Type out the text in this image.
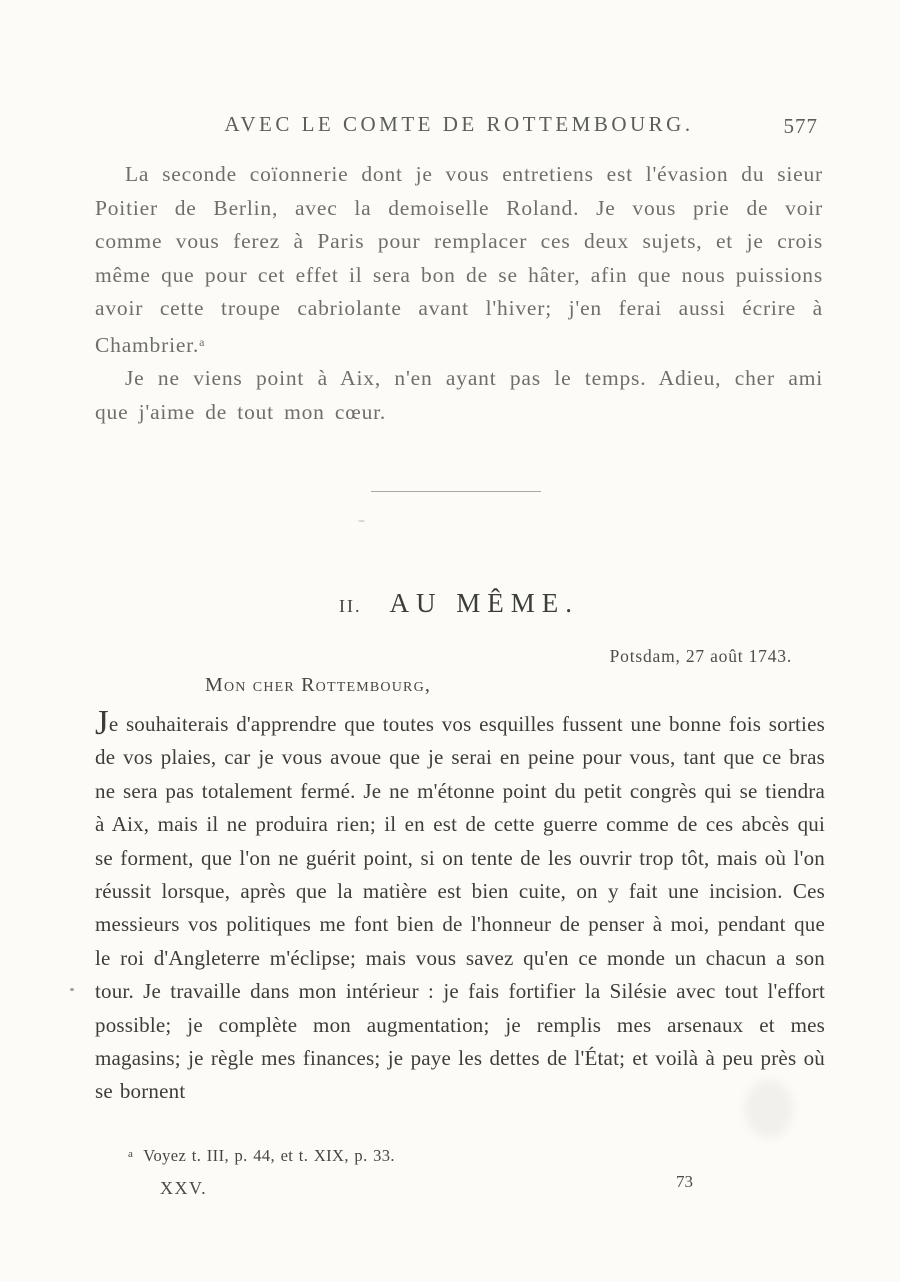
AVEC LE COMTE DE ROTTEMBOURG.	577

La seconde coïonnerie dont je vous entretiens est l'évasion du sieur Poitier de Berlin, avec la demoiselle Roland. Je vous prie de voir comme vous ferez à Paris pour remplacer ces deux sujets, et je crois même que pour cet effet il sera bon de se hâter, afin que nous puissions avoir cette troupe cabriolante avant l'hiver; j'en ferai aussi écrire à Chambrier.$^a$

Je ne viens point à Aix, n'en ayant pas le temps. Adieu, cher ami que j'aime de tout mon cœur.

II. AU MÊME.
Potsdam, 27 août 1743.
Mon cher Rottembourg,
Je souhaiterais d'apprendre que toutes vos esquilles fussent une bonne fois sorties de vos plaies, car je vous avoue que je serai en peine pour vous, tant que ce bras ne sera pas totalement fermé. Je ne m'étonne point du petit congrès qui se tiendra à Aix, mais il ne produira rien; il en est de cette guerre comme de ces abcès qui se forment, que l'on ne guérit point, si on tente de les ouvrir trop tôt, mais où l'on réussit lorsque, après que la matière est bien cuite, on y fait une incision. Ces messieurs vos politiques me font bien de l'honneur de penser à moi, pendant que le roi d'Angleterre m'éclipse; mais vous savez qu'en ce monde un chacun a son tour. Je travaille dans mon intérieur : je fais fortifier la Silésie avec tout l'effort possible; je complète mon augmentation; je remplis mes arsenaux et mes magasins; je règle mes finances; je paye les dettes de l'État; et voilà à peu près où se bornent
$^a$ Voyez t. III, p. 44, et t. XIX, p. 33.
XXV.	73
